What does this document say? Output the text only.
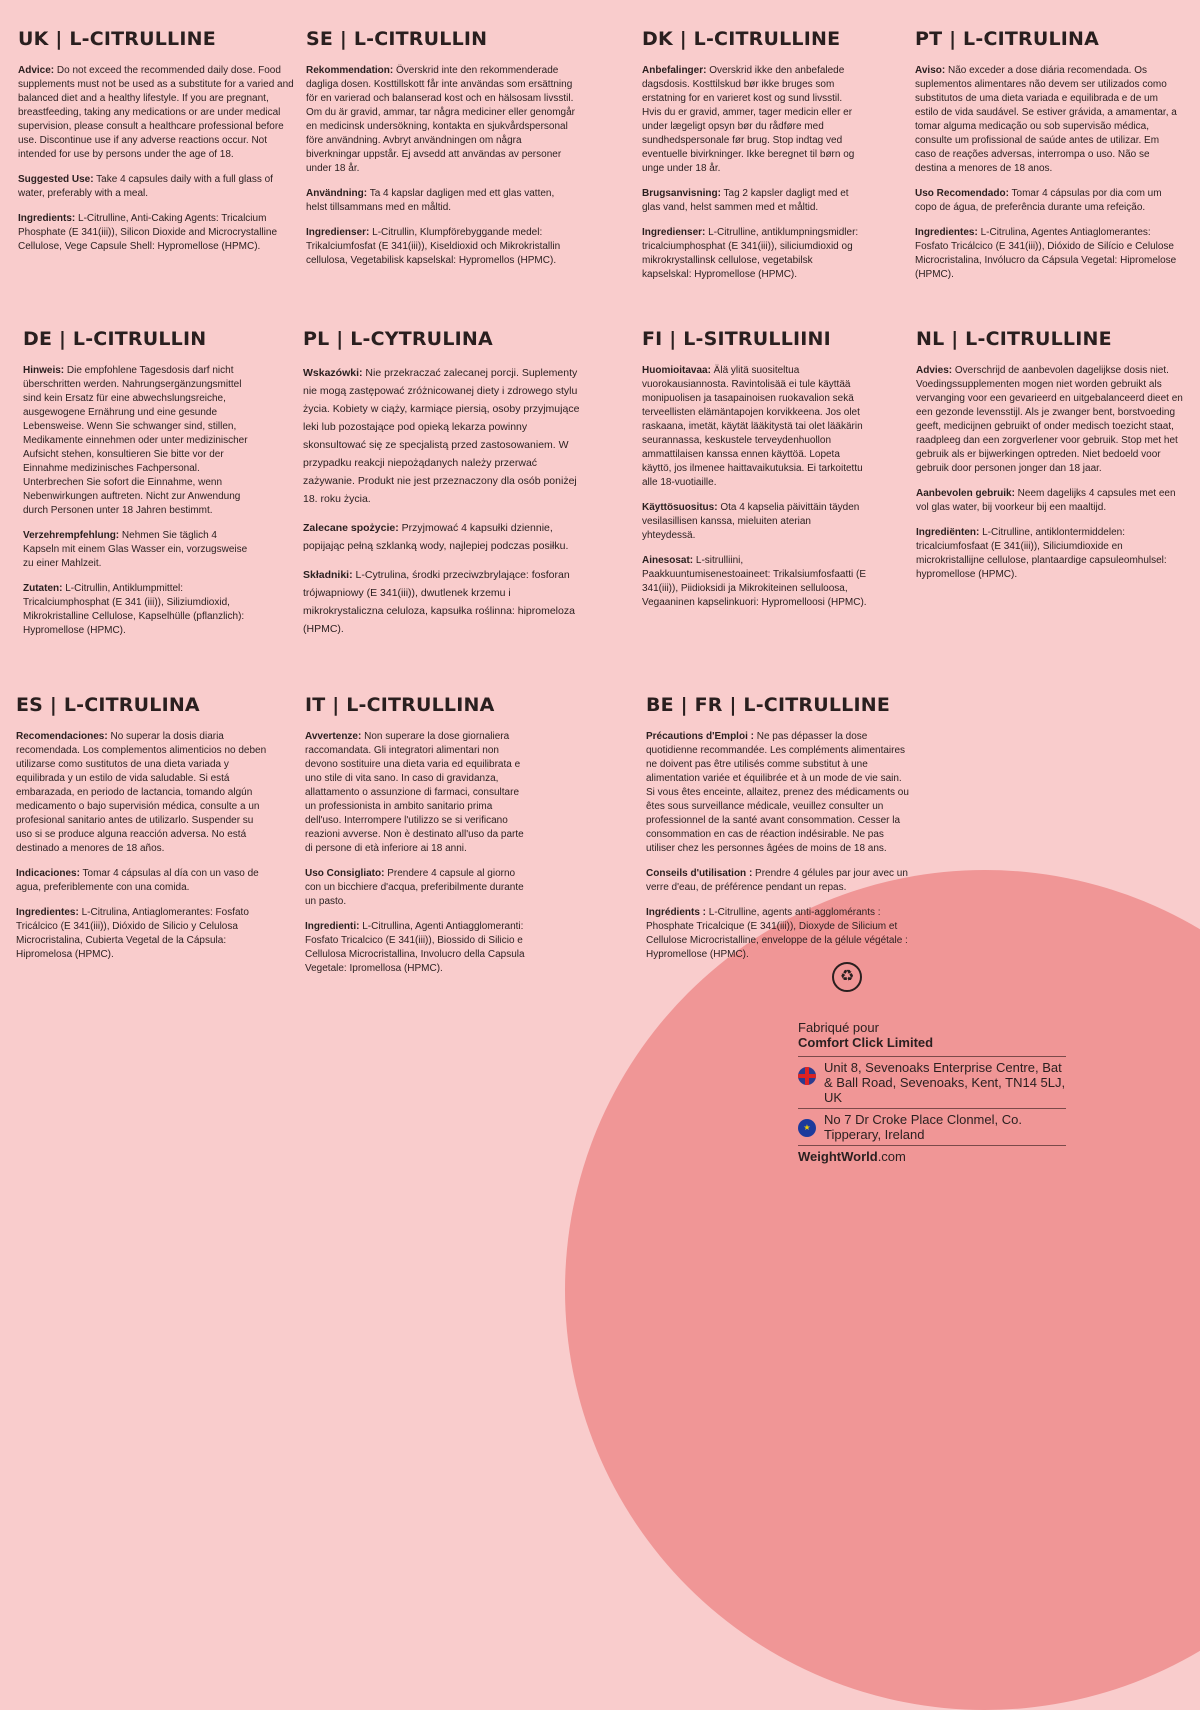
UK | L-CITRULLINE

Advice: Do not exceed the recommended daily dose. Food supplements must not be used as a substitute for a varied and balanced diet and a healthy lifestyle. If you are pregnant, breastfeeding, taking any medications or are under medical supervision, please consult a healthcare professional before use. Discontinue use if any adverse reactions occur. Not intended for use by persons under the age of 18.

Suggested Use: Take 4 capsules daily with a full glass of water, preferably with a meal.

Ingredients: L-Citrulline, Anti-Caking Agents: Tricalcium Phosphate (E 341(iii)), Silicon Dioxide and Microcrystalline Cellulose, Vege Capsule Shell: Hypromellose (HPMC).

SE | L-CITRULLIN

Rekommendation: Överskrid inte den rekommenderade dagliga dosen. Kosttillskott får inte användas som ersättning för en varierad och balanserad kost och en hälsosam livsstil. Om du är gravid, ammar, tar några mediciner eller genomgår en medicinsk undersökning, kontakta en sjukvårdspersonal före användning. Avbryt användningen om några biverkningar uppstår. Ej avsedd att användas av personer under 18 år.

Användning: Ta 4 kapslar dagligen med ett glas vatten, helst tillsammans med en måltid.

Ingredienser: L-Citrullin, Klumpförebyggande medel: Trikalciumfosfat (E 341(iii)), Kiseldioxid och Mikrokristallin cellulosa, Vegetabilisk kapselskal: Hypromellos (HPMC).

DK | L-CITRULLINE

Anbefalinger: Overskrid ikke den anbefalede dagsdosis. Kosttilskud bør ikke bruges som erstatning for en varieret kost og sund livsstil. Hvis du er gravid, ammer, tager medicin eller er under lægeligt opsyn bør du rådføre med sundhedspersonale før brug. Stop indtag ved eventuelle bivirkninger. Ikke beregnet til børn og unge under 18 år.

Brugsanvisning: Tag 2 kapsler dagligt med et glas vand, helst sammen med et måltid.

Ingredienser: L-Citrulline, antiklumpningsmidler: tricalciumphosphat (E 341(iii)), siliciumdioxid og mikrokrystallinsk cellulose, vegetabilsk kapselskal: Hypromellose (HPMC).

PT | L-CITRULINA

Aviso: Não exceder a dose diária recomendada. Os suplementos alimentares não devem ser utilizados como substitutos de uma dieta variada e equilibrada e de um estilo de vida saudável. Se estiver grávida, a amamentar, a tomar alguma medicação ou sob supervisão médica, consulte um profissional de saúde antes de utilizar. Em caso de reações adversas, interrompa o uso. Não se destina a menores de 18 anos.

Uso Recomendado: Tomar 4 cápsulas por dia com um copo de água, de preferência durante uma refeição.

Ingredientes: L-Citrulina, Agentes Antiaglomerantes: Fosfato Tricálcico (E 341(iii)), Dióxido de Silício e Celulose Microcristalina, Invólucro da Cápsula Vegetal: Hipromelose (HPMC).

DE | L-CITRULLIN

Hinweis: Die empfohlene Tagesdosis darf nicht überschritten werden. Nahrungsergänzungsmittel sind kein Ersatz für eine abwechslungsreiche, ausgewogene Ernährung und eine gesunde Lebensweise. Wenn Sie schwanger sind, stillen, Medikamente einnehmen oder unter medizinischer Aufsicht stehen, konsultieren Sie bitte vor der Einnahme medizinisches Fachpersonal. Unterbrechen Sie sofort die Einnahme, wenn Nebenwirkungen auftreten. Nicht zur Anwendung durch Personen unter 18 Jahren bestimmt.

Verzehrempfehlung: Nehmen Sie täglich 4 Kapseln mit einem Glas Wasser ein, vorzugsweise zu einer Mahlzeit.

Zutaten: L-Citrullin, Antiklumpmittel: Tricalciumphosphat (E 341 (iii)), Siliziumdioxid, Mikrokristalline Cellulose, Kapselhülle (pflanzlich): Hypromellose (HPMC).

PL | L-CYTRULINA

Wskazówki: Nie przekraczać zalecanej porcji. Suplementy nie mogą zastępować zróżnicowanej diety i zdrowego stylu życia. Kobiety w ciąży, karmiące piersią, osoby przyjmujące leki lub pozostające pod opieką lekarza powinny skonsultować się ze specjalistą przed zastosowaniem. W przypadku reakcji niepożądanych należy przerwać zażywanie. Produkt nie jest przeznaczony dla osób poniżej 18. roku życia.

Zalecane spożycie: Przyjmować 4 kapsułki dziennie, popijając pełną szklanką wody, najlepiej podczas posiłku.

Składniki: L-Cytrulina, środki przeciwzbrylające: fosforan trójwapniowy (E 341(iii)), dwutlenek krzemu i mikrokrystaliczna celuloza, kapsułka roślinna: hipromeloza (HPMC).

FI | L-SITRULLIINI

Huomioitavaa: Älä ylitä suositeltua vuorokausiannosta. Ravintolisää ei tule käyttää monipuolisen ja tasapainoisen ruokavalion sekä terveellisten elämäntapojen korvikkeena. Jos olet raskaana, imetät, käytät lääkitystä tai olet lääkärin seurannassa, keskustele terveydenhuollon ammattilaisen kanssa ennen käyttöä. Lopeta käyttö, jos ilmenee haittavaikutuksia. Ei tarkoitettu alle 18-vuotiaille.

Käyttösuositus: Ota 4 kapselia päivittäin täyden vesilasillisen kanssa, mieluiten aterian yhteydessä.

Ainesosat: L-sitrulliini, Paakkuuntumisenestoaineet: Trikalsiumfosfaatti (E 341(iii)), Piidioksidi ja Mikrokiteinen selluloosa, Vegaaninen kapselinkuori: Hypromelloosi (HPMC).

NL | L-CITRULLINE

Advies: Overschrijd de aanbevolen dagelijkse dosis niet. Voedingssupplementen mogen niet worden gebruikt als vervanging voor een gevarieerd en uitgebalanceerd dieet en een gezonde levensstijl. Als je zwanger bent, borstvoeding geeft, medicijnen gebruikt of onder medisch toezicht staat, raadpleeg dan een zorgverlener voor gebruik. Stop met het gebruik als er bijwerkingen optreden. Niet bedoeld voor gebruik door personen jonger dan 18 jaar.

Aanbevolen gebruik: Neem dagelijks 4 capsules met een vol glas water, bij voorkeur bij een maaltijd.

Ingrediënten: L-Citrulline, antiklontermiddelen: tricalciumfosfaat (E 341(iii)), Siliciumdioxide en microkristallijne cellulose, plantaardige capsuleomhulsel: hypromellose (HPMC).

ES | L-CITRULINA

Recomendaciones: No superar la dosis diaria recomendada. Los complementos alimenticios no deben utilizarse como sustitutos de una dieta variada y equilibrada y un estilo de vida saludable. Si está embarazada, en periodo de lactancia, tomando algún medicamento o bajo supervisión médica, consulte a un profesional sanitario antes de utilizarlo. Suspender su uso si se produce alguna reacción adversa. No está destinado a menores de 18 años.

Indicaciones: Tomar 4 cápsulas al día con un vaso de agua, preferiblemente con una comida.

Ingredientes: L-Citrulina, Antiaglomerantes: Fosfato Tricálcico (E 341(iii)), Dióxido de Silicio y Celulosa Microcristalina, Cubierta Vegetal de la Cápsula: Hipromelosa (HPMC).

IT | L-CITRULLINA

Avvertenze: Non superare la dose giornaliera raccomandata. Gli integratori alimentari non devono sostituire una dieta varia ed equilibrata e uno stile di vita sano. In caso di gravidanza, allattamento o assunzione di farmaci, consultare un professionista in ambito sanitario prima dell'uso. Interrompere l'utilizzo se si verificano reazioni avverse. Non è destinato all'uso da parte di persone di età inferiore ai 18 anni.

Uso Consigliato: Prendere 4 capsule al giorno con un bicchiere d'acqua, preferibilmente durante un pasto.

Ingredienti: L-Citrullina, Agenti Antiagglomeranti: Fosfato Tricalcico (E 341(iii)), Biossido di Silicio e Cellulosa Microcristallina, Involucro della Capsula Vegetale: Ipromellosa (HPMC).

BE | FR | L-CITRULLINE

Précautions d'Emploi : Ne pas dépasser la dose quotidienne recommandée. Les compléments alimentaires ne doivent pas être utilisés comme substitut à une alimentation variée et équilibrée et à un mode de vie sain. Si vous êtes enceinte, allaitez, prenez des médicaments ou êtes sous surveillance médicale, veuillez consulter un professionnel de la santé avant consommation. Cesser la consommation en cas de réaction indésirable. Ne pas utiliser chez les personnes âgées de moins de 18 ans.

Conseils d'utilisation : Prendre 4 gélules par jour avec un verre d'eau, de préférence pendant un repas.

Ingrédients : L-Citrulline, agents anti-agglomérants : Phosphate Tricalcique (E 341(iii)), Dioxyde de Silicium et Cellulose Microcristalline, enveloppe de la gélule végétale : Hypromellose (HPMC).

♻
Fabriqué pour
Comfort Click Limited
Unit 8, Sevenoaks Enterprise Centre, Bat & Ball Road, Sevenoaks, Kent, TN14 5LJ, UK
★
No 7 Dr Croke Place Clonmel, Co. Tipperary, Ireland
WeightWorld.com
